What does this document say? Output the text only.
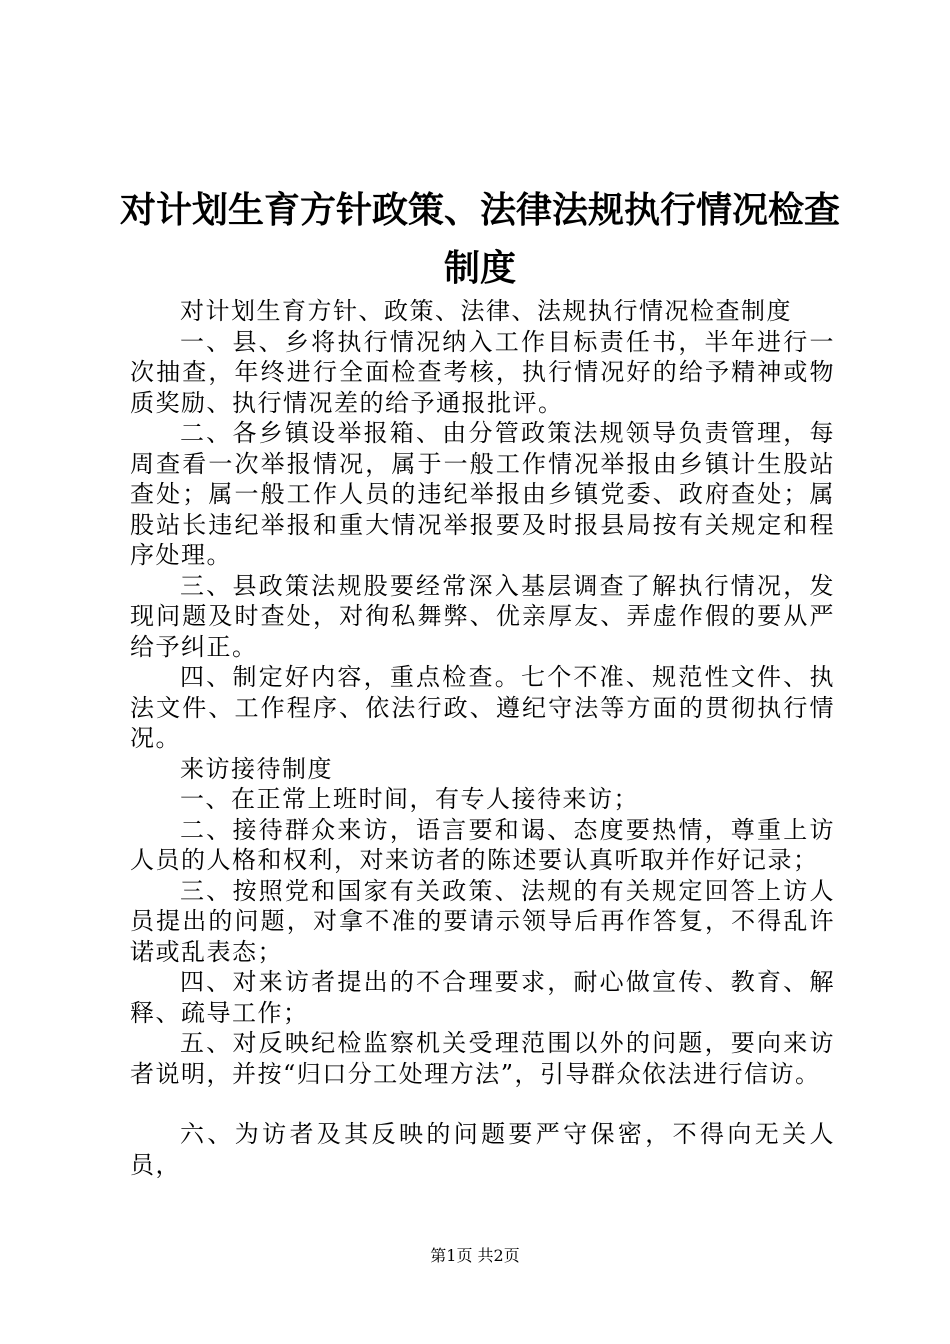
对计划生育方针政策、法律法规执行情况检查
制度

对计划生育方针、政策、法律、法规执行情况检查制度

一、县、乡将执行情况纳入工作目标责任书，半年进行一次抽查，年终进行全面检查考核，执行情况好的给予精神或物质奖励、执行情况差的给予通报批评。

二、各乡镇设举报箱、由分管政策法规领导负责管理，每周查看一次举报情况，属于一般工作情况举报由乡镇计生股站查处；属一般工作人员的违纪举报由乡镇党委、政府查处；属股站长违纪举报和重大情况举报要及时报县局按有关规定和程序处理。

三、县政策法规股要经常深入基层调查了解执行情况，发现问题及时查处，对徇私舞弊、优亲厚友、弄虚作假的要从严给予纠正。

四、制定好内容，重点检查。七个不准、规范性文件、执法文件、工作程序、依法行政、遵纪守法等方面的贯彻执行情况。

来访接待制度

一、在正常上班时间，有专人接待来访；

二、接待群众来访，语言要和谒、态度要热情，尊重上访人员的人格和权利，对来访者的陈述要认真听取并作好记录；

三、按照党和国家有关政策、法规的有关规定回答上访人员提出的问题，对拿不准的要请示领导后再作答复，不得乱许诺或乱表态；

四、对来访者提出的不合理要求，耐心做宣传、教育、解释、疏导工作；

五、对反映纪检监察机关受理范围以外的问题，要向来访者说明，并按“归口分工处理方法”，引导群众依法进行信访。

六、为访者及其反映的问题要严守保密，不得向无关人员，

第1页 共2页
